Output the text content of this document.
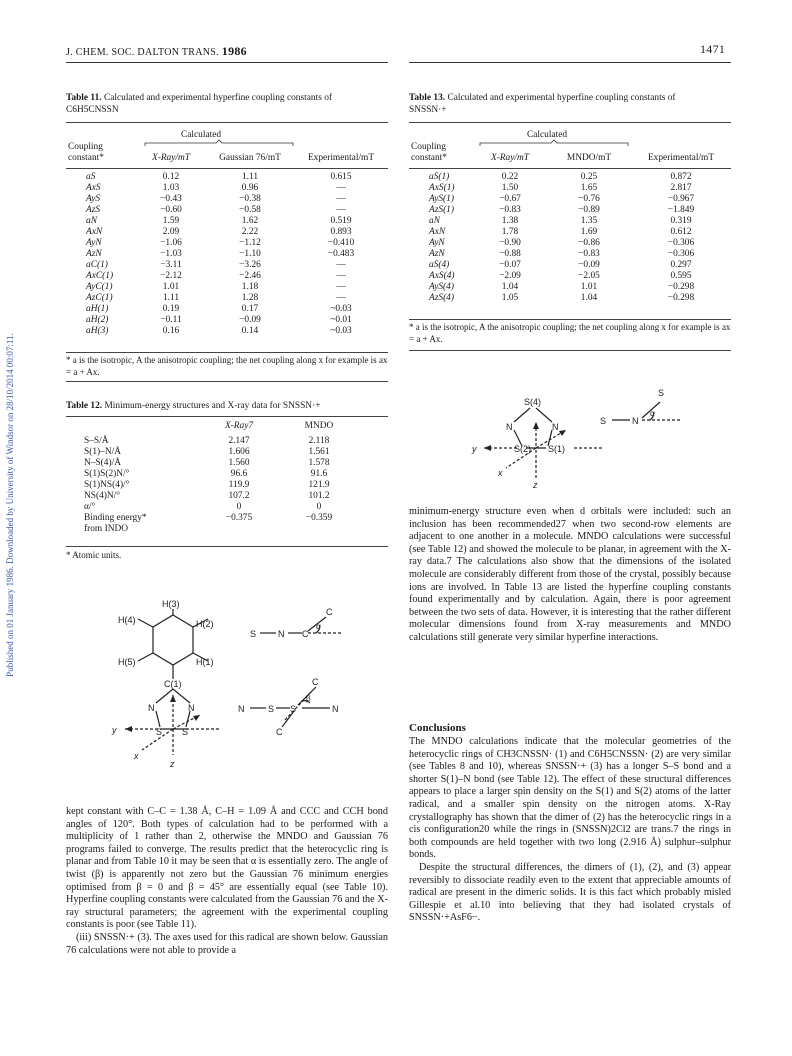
Published on 01 January 1986. Downloaded by University of Windsor on 28/10/2014 00:07:11.
J. CHEM. SOC. DALTON TRANS. 1986	1471
Table 11. Calculated and experimental hyperfine coupling constants of
C6H5CNSSN
Calculated
Coupling
constant*
		X-Ray/mT	Gaussian 76/mT	Experimental/mT

aS	0.12	1.11	0.615
AxS	1.03	0.96	—
AyS	−0.43	−0.38	—
AzS	−0.60	−0.58	—
aN	1.59	1.62	0.519
AxN	2.09	2.22	0.893
AyN	−1.06	−1.12	−0.410
AzN	−1.03	−1.10	−0.483
aC(1)	−3.11	−3.26	—
AxC(1)	−2.12	−2.46	—
AyC(1)	1.01	1.18	—
AzC(1)	1.11	1.28	—
aH(1)	0.19	0.17	~0.03
aH(2)	−0.11	−0.09	~0.01
aH(3)	0.16	0.14	~0.03
* a is the isotropic, A the anisotropic coupling; the net coupling along x for example is ax = a + Ax.
Table 12. Minimum-energy structures and X-ray data for SNSSN·+
	X-Ray7	MNDO

S–S/Å	2.147	2.118
S(1)–N/Å	1.606	1.561
N–S(4)/Å	1.560	1.578
S(1)S(2)N/°	96.6	91.6
S(1)NS(4)/°	119.9	121.9
NS(4)N/°	107.2	101.2
α/°	0	0
Binding energy*	−0.375	−0.359
from INDO		
* Atomic units.
H(3)
H(4)	H(2)
H(5)	H(1)
C(1)
N	N
S S
y
x
z
S N C
C
α
N	S S	N
C
C
β

kept constant with C–C = 1.38 Å, C–H = 1.09 Å and CCC and CCH bond angles of 120°. Both types of calculation had to be performed with a multiplicity of 1 rather than 2, otherwise the MNDO and Gaussian 76 programs failed to converge. The results predict that the heterocyclic ring is planar and from Table 10 it may be seen that α is essentially zero. The angle of twist (β) is apparently not zero but the Gaussian 76 minimum energies optimised from β = 0 and β = 45° are essentially equal (see Table 10). Hyperfine coupling constants were calculated from the Gaussian 76 and the X-ray structural parameters; the agreement with the experimental coupling constants is poor (see Table 11).

(iii) SNSSN·+ (3). The axes used for this radical are shown below. Gaussian 76 calculations were not able to provide a

Table 13. Calculated and experimental hyperfine coupling constants of
SNSSN·+
Calculated
Coupling
constant*
		X-Ray/mT	MNDO/mT	Experimental/mT

aS(1)	0.22	0.25	0.872
AxS(1)	1.50	1.65	2.817
AyS(1)	−0.67	−0.76	−0.967
AzS(1)	−0.83	−0.89	−1.849
aN	1.38	1.35	0.319
AxN	1.78	1.69	0.612
AyN	−0.90	−0.86	−0.306
AzN	−0.88	−0.83	−0.306
aS(4)	−0.07	−0.09	0.297
AxS(4)	−2.09	−2.05	0.595
AyS(4)	1.04	1.01	−0.298
AzS(4)	1.05	1.04	−0.298
* a is the isotropic, A the anisotropic coupling; the net coupling along x for example is ax = a + Ax.
S(4)
N	N
S(2) S(1)
y
x
z
S
S	N
α

minimum-energy structure even when d orbitals were included: such an inclusion has been recommended27 when two second-row elements are adjacent to one another in a molecule. MNDO calculations were successful (see Table 12) and showed the molecule to be planar, in agreement with the X-ray data.7 The calculations also show that the dimensions of the isolated molecule are considerably different from those of the crystal, possibly because ions are involved. In Table 13 are listed the hyperfine coupling constants found experimentally and by calculation. Again, there is poor agreement between the two sets of data. However, it is interesting that the rather different molecular dimensions found from X-ray measurements and MNDO calculations still generate very similar hyperfine interactions.

Conclusions

The MNDO calculations indicate that the molecular geometries of the heterocyclic rings of CH3CNSSN· (1) and C6H5CNSSN· (2) are very similar (see Tables 8 and 10), whereas SNSSN·+ (3) has a longer S–S bond and a shorter S(1)–N bond (see Table 12). The effect of these structural differences appears to place a larger spin density on the S(1) and S(2) atoms of the latter radical, and a smaller spin density on the nitrogen atoms. X-Ray crystallography has shown that the dimer of (2) has the heterocyclic rings in a cis configuration20 while the rings in (SNSSN)2Cl2 are trans.7 the rings in both compounds are held together with two long (2.916 Å) sulphur–sulphur bonds.

Despite the structural differences, the dimers of (1), (2), and (3) appear reversibly to dissociate readily even to the extent that appreciable amounts of radical are present in the dimeric solids. It is this fact which probably misled Gillespie et al.10 into believing that they had isolated crystals of SNSSN·+AsF6−.
